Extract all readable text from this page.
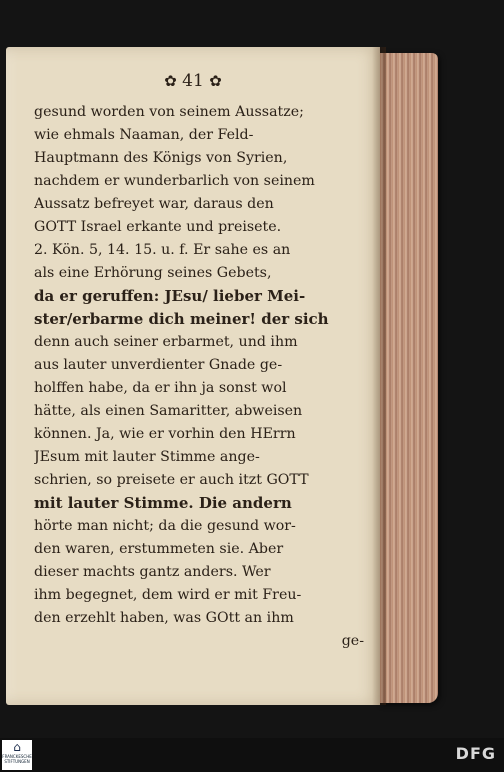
✿ 41 ✿
gesund worden von seinem Aussatze;
wie ehmals Naaman, der Feld-
Hauptmann des Königs von Syrien,
nachdem er wunderbarlich von seinem
Aussatz befreyet war, daraus den
GOTT Israel erkante und preisete.
2. Kön. 5, 14. 15. u. f. Er sahe es an
als eine Erhörung seines Gebets,
da er geruffen: JEsu/ lieber Mei-
ster/erbarme dich meiner! der sich
denn auch seiner erbarmet, und ihm
aus lauter unverdienter Gnade ge-
holffen habe, da er ihn ja sonst wol
hätte, als einen Samaritter, abweisen
können. Ja, wie er vorhin den HErrn
JEsum mit lauter Stimme ange-
schrien, so preisete er auch itzt GOTT
mit lauter Stimme. Die andern
hörte man nicht; da die gesund wor-
den waren, erstummeten sie. Aber
dieser machts gantz anders. Wer
ihm begegnet, dem wird er mit Freu-
den erzehlt haben, was GOtt an ihm
ge-
⌂
FRANCKESCHE STIFTUNGEN	DFG
